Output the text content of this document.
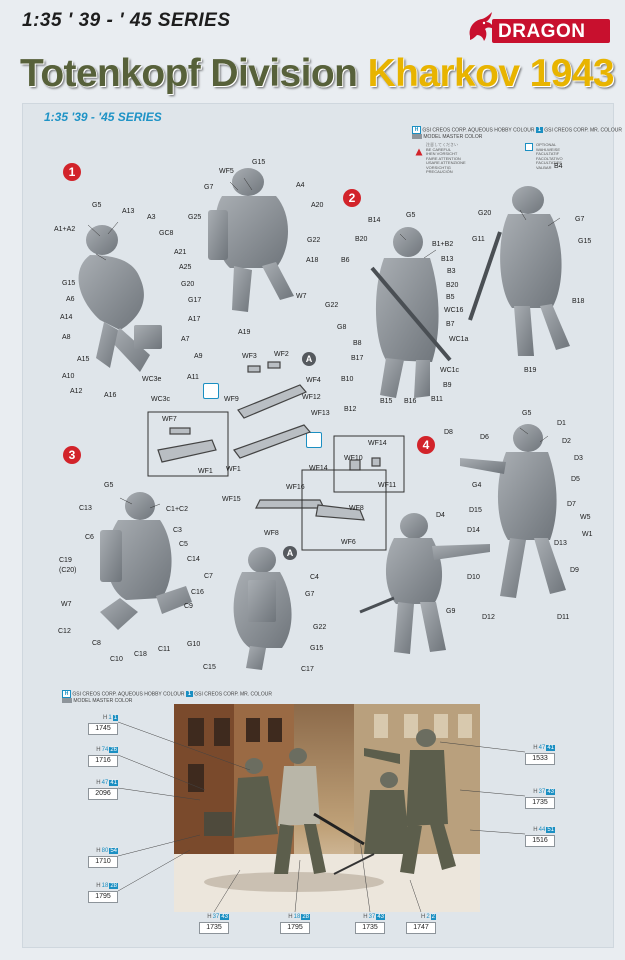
1:35 ' 39 - ' 45 SERIES
DRAGON
Totenkopf Division Kharkov 1943
1:35 '39 - '45 SERIES
H GSI CREOS CORP. AQUEOUS HOBBY COLOUR 1 GSI CREOS CORP. MR. COLOUR
MODEL MASTER COLOR
注意してください
BE CAREFUL
IHEN VORSICHT
FAIRE ATTENTION
USARE ATTENZIONE
VORSICHTIG
PRECAUCIÓN
OPTIONAL
WAHLWEISE
FACULTATIF
FACOLTATIVO
FACULTATIEF
VALBAR
1
2
3
4
A
A
G5
A13
A1+A2
A3
GC8
A21
G15
A25
G20
A6	G17
A14	A17
A8	A7
A15	A9
A10	WC3e	A11
A12
A16
WC3c
WF5
G15
G7	A4
A20
G25
G22
A18
W7
A19
B14
G5
B20
B1+B2
B13
B6
B3
B20
B5
G22
WC16
B7
G8
B8
WC1a
B17
WC1c
B10
B9
B12
B15 B16 B11
B4
G20
G7
G11	G15
B18
B19
WF3 WF2
WF4
WF9	WF12
WF13
WF7
WF1
WF16
WF15
WF1
WF8
WF14
WF10
WF11
WF14
WF8
WF6
G5
C13	C1+C2
C3
C6
C5
C14
C19
(C20)
C7
C16
W7	C9
C12
C8
C11
C10
C18
C15
C4
G7
G22
G10
G15
C17
D8
G5
D1
D6
D2
D3
G4
D5
D15
D7
W5
D14
W1
D13
D10
D9
D12	D11
D4
G9
H GSI CREOS CORP. AQUEOUS HOBBY COLOUR 1 GSI CREOS CORP. MR. COLOUR
MODEL MASTER COLOR
H 1 1
1745
H 74 26
1716
H 47 41
2096
H 80 54
1710
H 18 28
1795
H 47 41
1533
H 37 43
1735
H 44 51
1516
H 37 43
1735
H 18 28
1795
H 37 43
1735
H 2 2
1747
